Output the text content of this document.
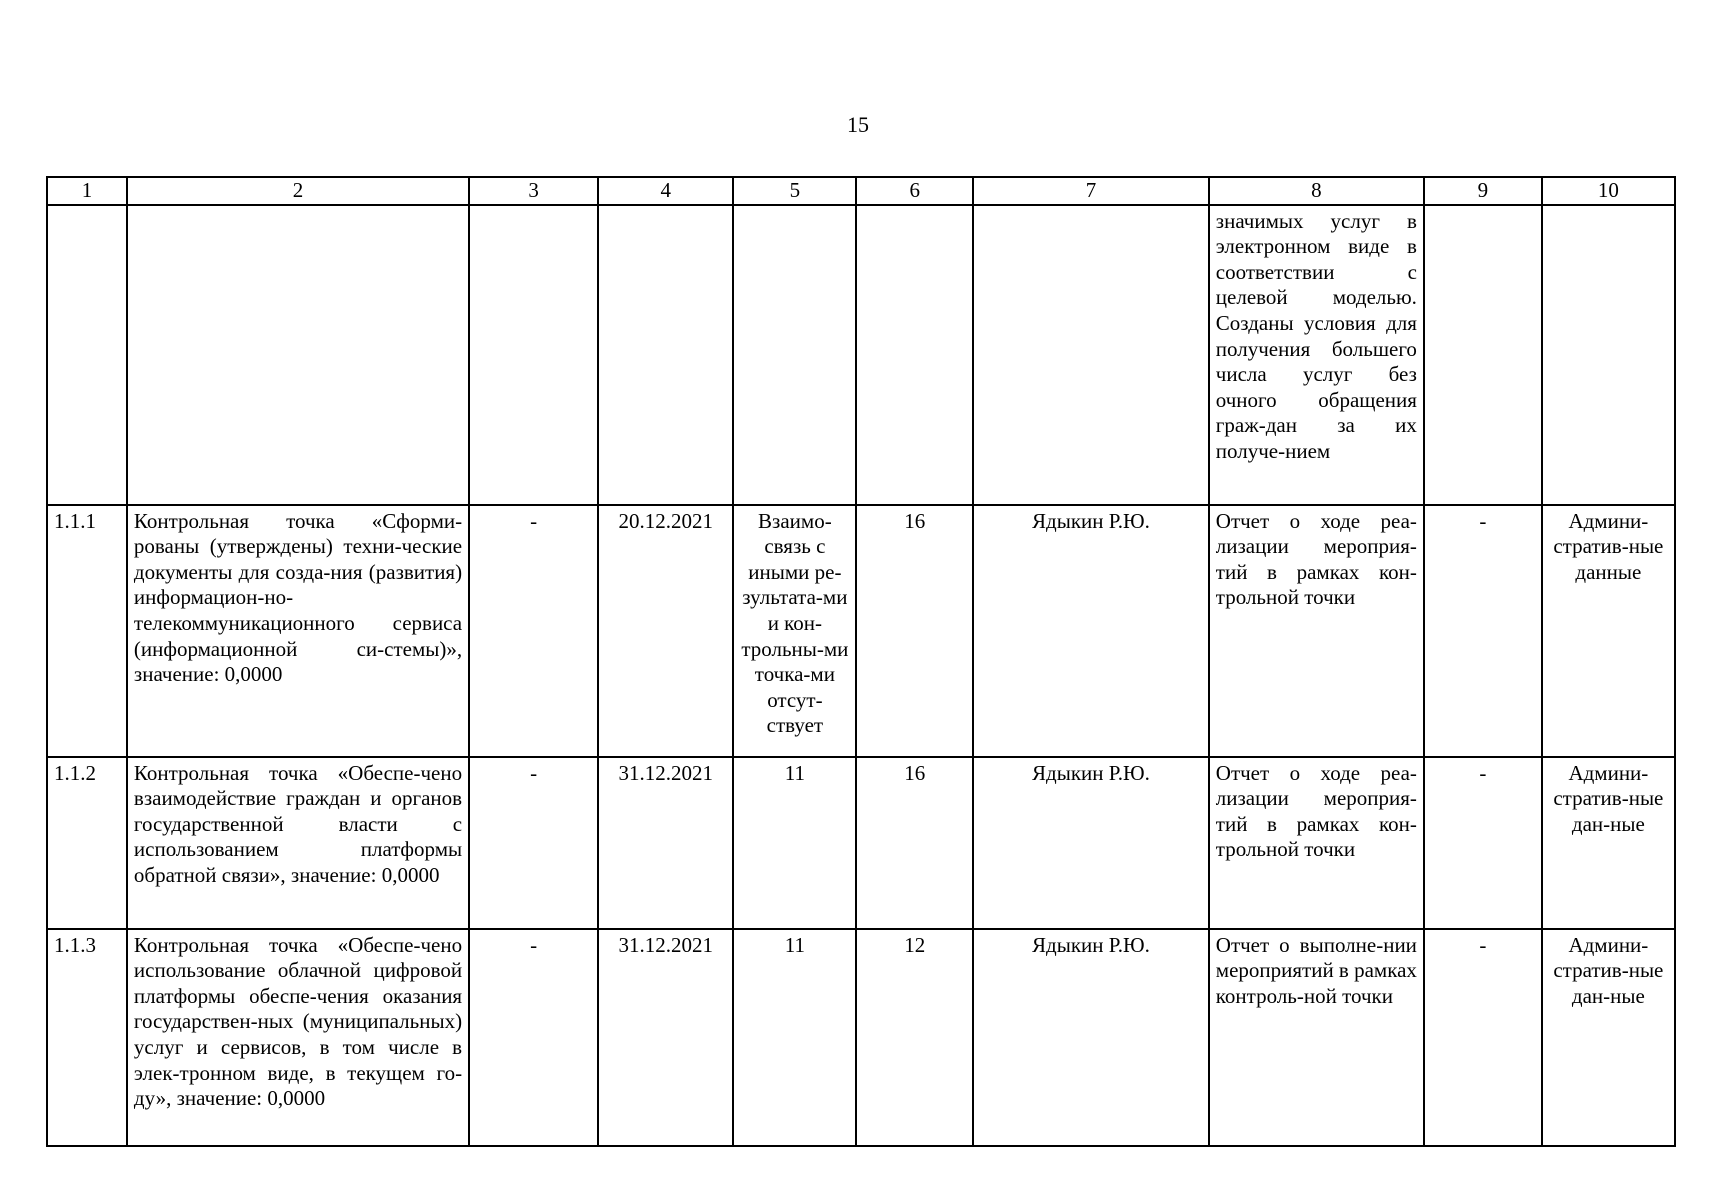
15
1	2	3	4	5	6	7	8	9	10
							значимых услуг в электронном виде в соответствии с целевой моделью. Созданы условия для получения большего числа услуг без очного обращения граж-дан за их получе-нием		
1.1.1	Контрольная точка «Сформи-рованы (утверждены) техни-ческие документы для созда-ния (развития) информацион-но-телекоммуникационного сервиса (информационной си-стемы)», значение: 0,0000	-	20.12.2021	Взаимо-связь с иными ре-зультата-ми и кон-трольны-ми точка-ми отсут-ствует	16	Ядыкин Р.Ю.	Отчет о ходе реа-лизации мероприя-тий в рамках кон-трольной точки	-	Админи-стратив-ные данные
1.1.2	Контрольная точка «Обеспе-чено взаимодействие граждан и органов государственной власти с использованием платформы обратной связи», значение: 0,0000	-	31.12.2021	11	16	Ядыкин Р.Ю.	Отчет о ходе реа-лизации мероприя-тий в рамках кон-трольной точки	-	Админи-стратив-ные дан-ные
1.1.3	Контрольная точка «Обеспе-чено использование облачной цифровой платформы обеспе-чения оказания государствен-ных (муниципальных) услуг и сервисов, в том числе в элек-тронном виде, в текущем го-ду», значение: 0,0000	-	31.12.2021	11	12	Ядыкин Р.Ю.	Отчет о выполне-нии мероприятий в рамках контроль-ной точки	-	Админи-стратив-ные дан-ные
